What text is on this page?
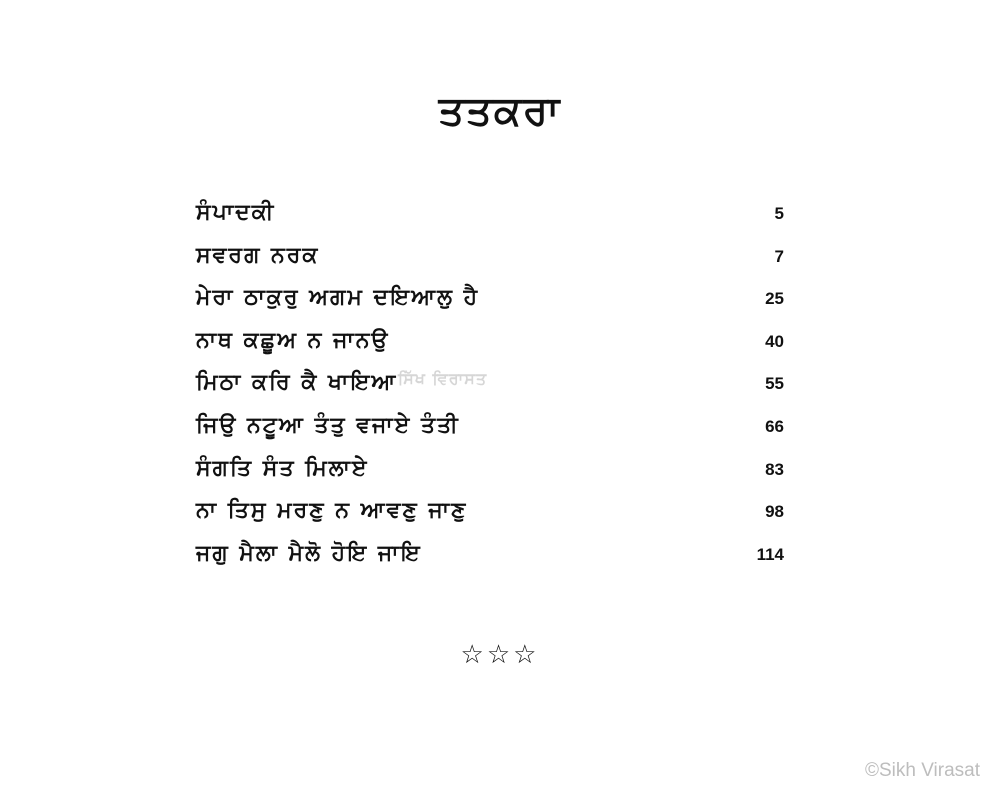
ਤਤਕਰਾ
ਸੰਪਾਦਕੀ	5
ਸਵਰਗ ਨਰਕ	7
ਮੇਰਾ ਠਾਕੁਰੁ ਅਗਮ ਦਇਆਲੁ ਹੈ	25
ਨਾਥ ਕਛੂਅ ਨ ਜਾਨਉ	40
ਮਿਠਾ ਕਰਿ ਕੈ ਖਾਇਆ	55
ਜਿਉ ਨਟੂਆ ਤੰਤੁ ਵਜਾਏ ਤੰਤੀ	66
ਸੰਗਤਿ ਸੰਤ ਮਿਲਾਏ	83
ਨਾ ਤਿਸੁ ਮਰਣੁ ਨ ਆਵਣੁ ਜਾਣੁ	98
ਜਗੁ ਮੈਲਾ ਮੈਲੋ ਹੋਇ ਜਾਇ	114
ਸਿੱਖ ਵਿਰਾਸਤ
☆☆☆
©Sikh Virasat
